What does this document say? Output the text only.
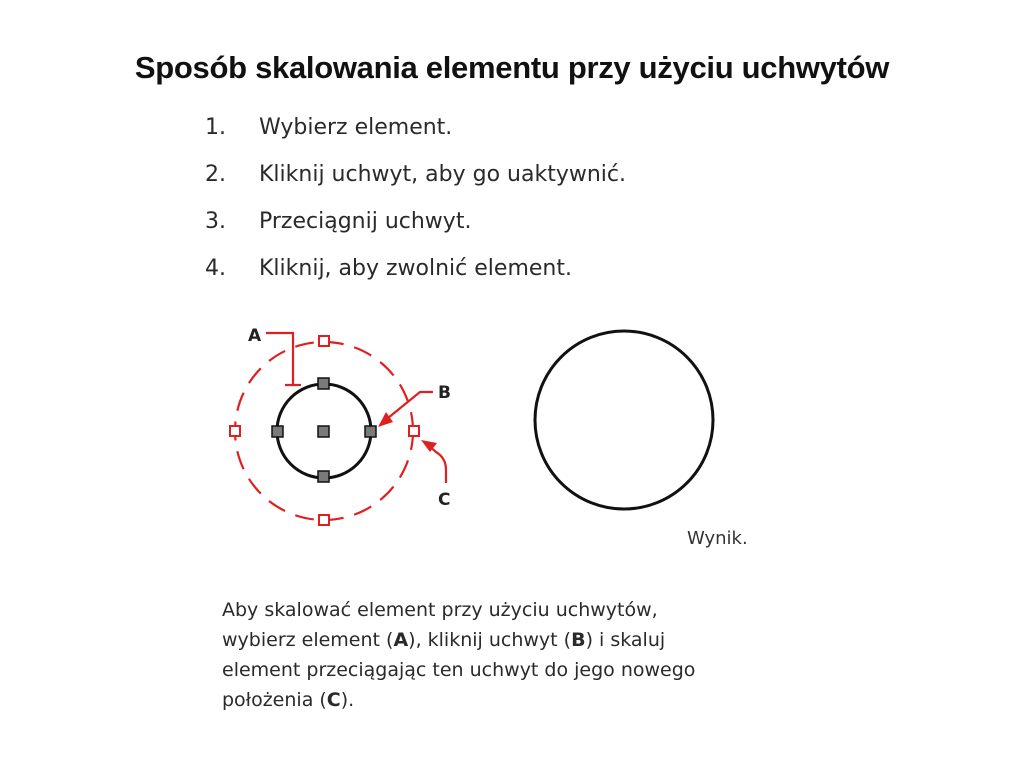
Sposób skalowania elementu przy użyciu uchwytów
1. Wybierz element.
2. Kliknij uchwyt, aby go uaktywnić.
3. Przeciągnij uchwyt.
4. Kliknij, aby zwolnić element.
A
B
C
Wynik.
Aby skalować element przy użyciu uchwytów,
wybierz element (A), kliknij uchwyt (B) i skaluj
element przeciągając ten uchwyt do jego nowego
położenia (C).
